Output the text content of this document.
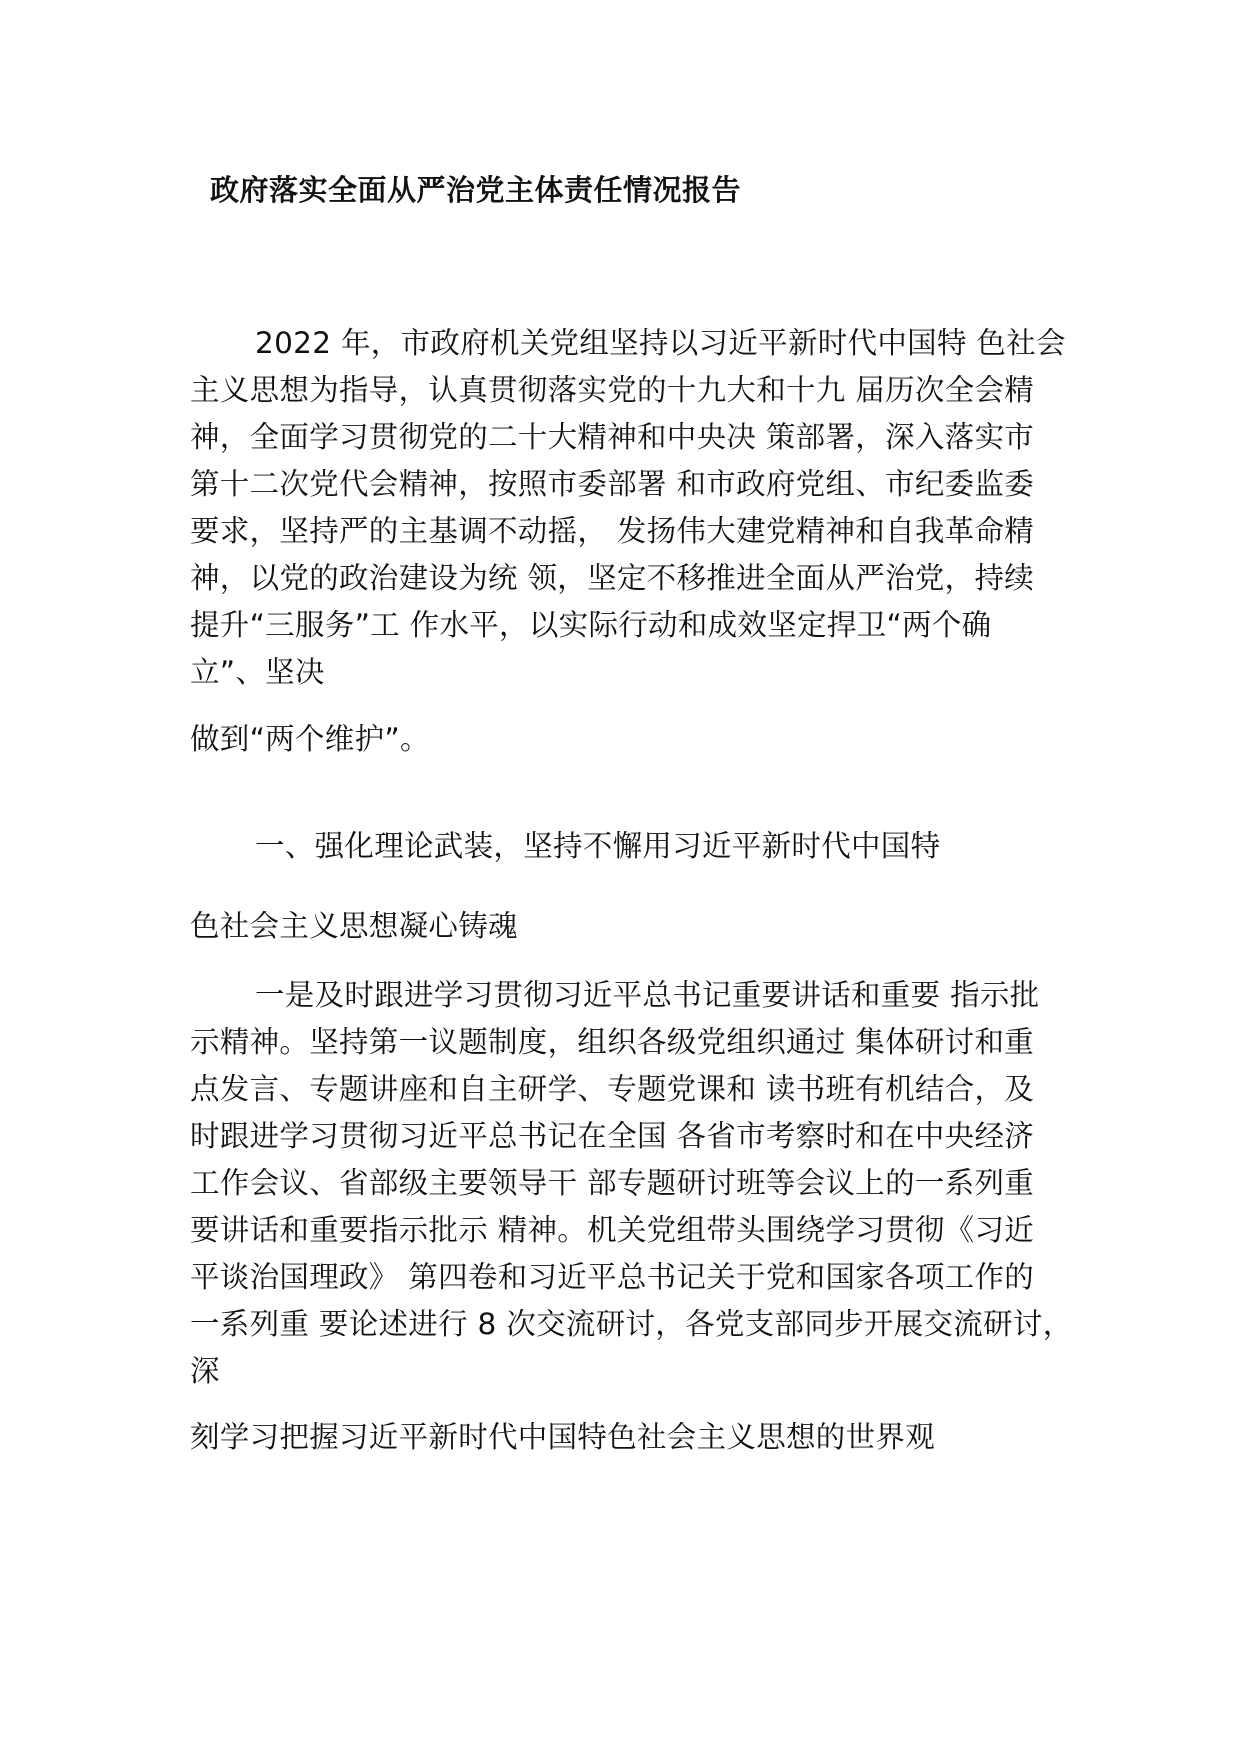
政府落实全面从严治党主体责任情况报告
2022 年，市政府机关党组坚持以习近平新时代中国特 色社会
主义思想为指导，认真贯彻落实党的十九大和十九 届历次全会精
神，全面学习贯彻党的二十大精神和中央决 策部署，深入落实市
第十二次党代会精神，按照市委部署 和市政府党组、市纪委监委
要求，坚持严的主基调不动摇， 发扬伟大建党精神和自我革命精
神，以党的政治建设为统 领，坚定不移推进全面从严治党，持续
提升“三服务”工 作水平，以实际行动和成效坚定捍卫“两个确
立”、坚决
做到“两个维护”。
一、强化理论武装，坚持不懈用习近平新时代中国特
色社会主义思想凝心铸魂
一是及时跟进学习贯彻习近平总书记重要讲话和重要 指示批
示精神。坚持第一议题制度，组织各级党组织通过 集体研讨和重
点发言、专题讲座和自主研学、专题党课和 读书班有机结合，及
时跟进学习贯彻习近平总书记在全国 各省市考察时和在中央经济
工作会议、省部级主要领导干 部专题研讨班等会议上的一系列重
要讲话和重要指示批示 精神。机关党组带头围绕学习贯彻《习近
平谈治国理政》 第四卷和习近平总书记关于党和国家各项工作的
一系列重 要论述进行 8 次交流研讨，各党支部同步开展交流研讨，
深
刻学习把握习近平新时代中国特色社会主义思想的世界观
